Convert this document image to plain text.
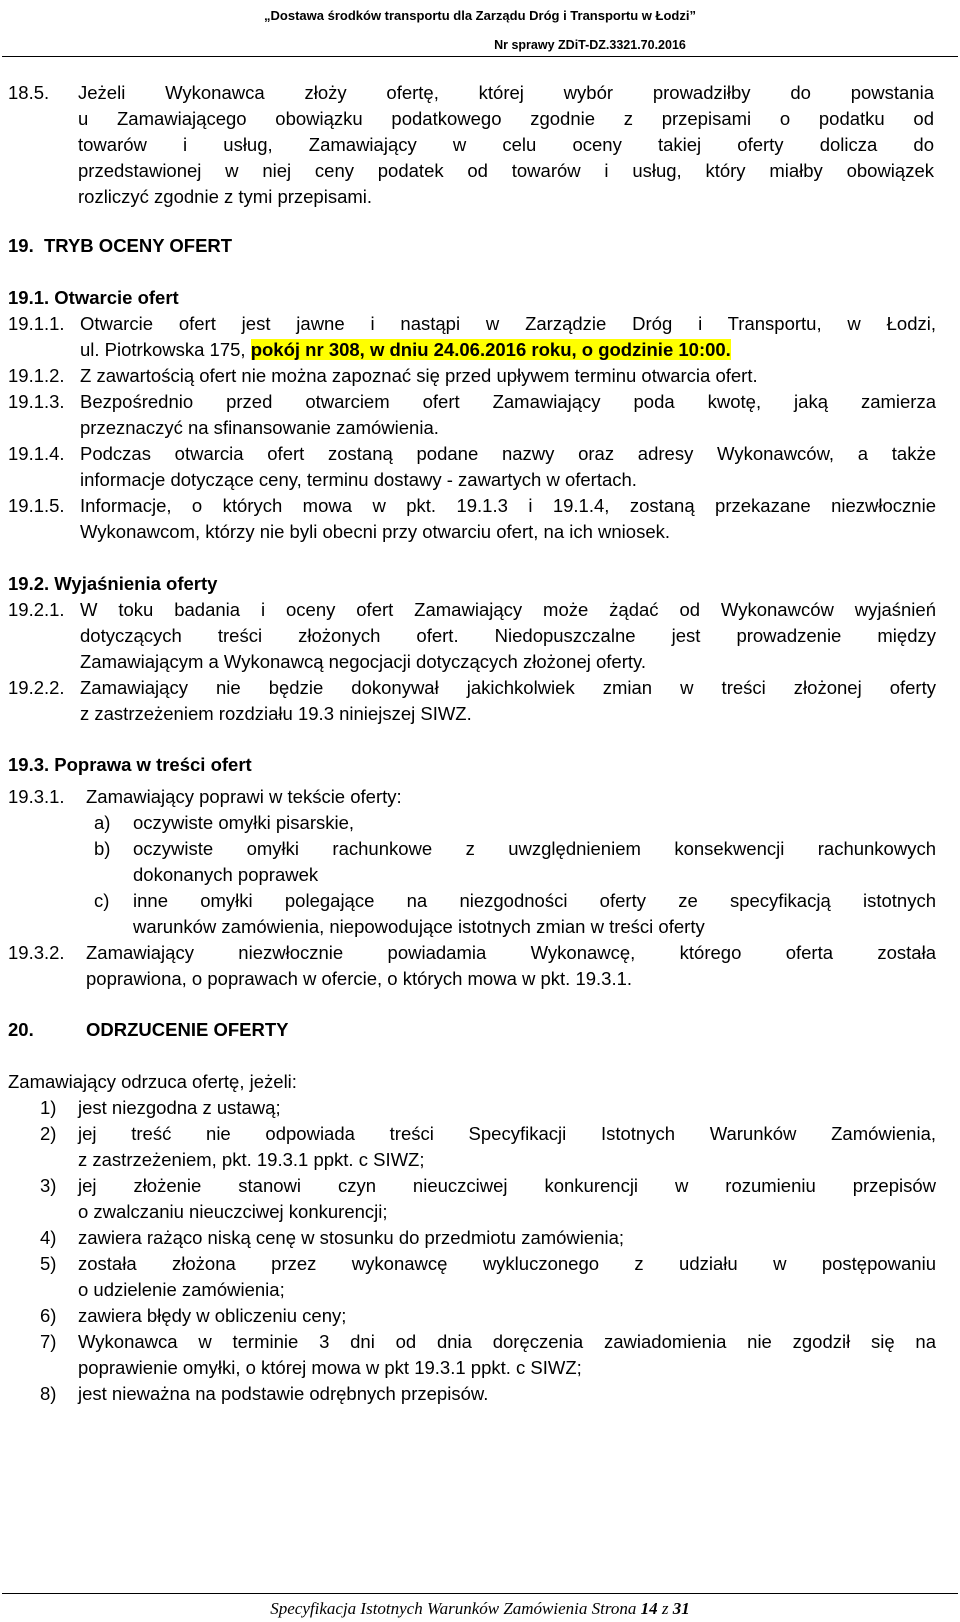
„Dostawa środków transportu dla Zarządu Dróg i Transportu w Łodzi”
Nr sprawy ZDiT-DZ.3321.70.2016
18.5. Jeżeli Wykonawca złoży ofertę, której wybór prowadziłby do powstania
u Zamawiającego obowiązku podatkowego zgodnie z przepisami o podatku od
towarów i usług, Zamawiający w celu oceny takiej oferty dolicza do
przedstawionej w niej ceny podatek od towarów i usług, który miałby obowiązek
rozliczyć zgodnie z tymi przepisami.
19.  TRYB OCENY OFERT
19.1. Otwarcie ofert
19.1.1. Otwarcie ofert jest jawne i nastąpi w Zarządzie Dróg i Transportu, w Łodzi,
ul. Piotrkowska 175, pokój nr 308, w dniu 24.06.2016 roku, o godzinie 10:00.
19.1.2. Z zawartością ofert nie można zapoznać się przed upływem terminu otwarcia ofert.
19.1.3. Bezpośrednio przed otwarciem ofert Zamawiający poda kwotę, jaką zamierza
przeznaczyć na sfinansowanie zamówienia.
19.1.4. Podczas otwarcia ofert zostaną podane nazwy oraz adresy Wykonawców, a także
informacje dotyczące ceny, terminu dostawy - zawartych w ofertach.
19.1.5. Informacje, o których mowa w pkt. 19.1.3 i 19.1.4, zostaną przekazane niezwłocznie
Wykonawcom, którzy nie byli obecni przy otwarciu ofert, na ich wniosek.
19.2. Wyjaśnienia oferty
19.2.1. W toku badania i oceny ofert Zamawiający może żądać od Wykonawców wyjaśnień
dotyczących treści złożonych ofert. Niedopuszczalne jest prowadzenie między
Zamawiającym a Wykonawcą negocjacji dotyczących złożonej oferty.
19.2.2. Zamawiający nie będzie dokonywał jakichkolwiek zmian w treści złożonej oferty
z zastrzeżeniem rozdziału 19.3 niniejszej SIWZ.
19.3. Poprawa w treści ofert
19.3.1. Zamawiający poprawi w tekście oferty:
a) oczywiste omyłki pisarskie,
b) oczywiste omyłki rachunkowe z uwzględnieniem konsekwencji rachunkowych
dokonanych poprawek
c) inne omyłki polegające na niezgodności oferty ze specyfikacją istotnych
warunków zamówienia, niepowodujące istotnych zmian w treści oferty
19.3.2. Zamawiający niezwłocznie powiadamia Wykonawcę, którego oferta została
poprawiona, o poprawach w ofercie, o których mowa w pkt. 19.3.1.
20.	ODRZUCENIE OFERTY
Zamawiający odrzuca ofertę, jeżeli:
1) jest niezgodna z ustawą;
2) jej treść nie odpowiada treści Specyfikacji Istotnych Warunków Zamówienia,
z zastrzeżeniem, pkt. 19.3.1 ppkt. c SIWZ;
3) jej złożenie stanowi czyn nieuczciwej konkurencji w rozumieniu przepisów
o zwalczaniu nieuczciwej konkurencji;
4) zawiera rażąco niską cenę w stosunku do przedmiotu zamówienia;
5) została złożona przez wykonawcę wykluczonego z udziału w postępowaniu
o udzielenie zamówienia;
6) zawiera błędy w obliczeniu ceny;
7) Wykonawca w terminie 3 dni od dnia doręczenia zawiadomienia nie zgodził się na
poprawienie omyłki, o której mowa w pkt 19.3.1 ppkt. c SIWZ;
8) jest nieważna na podstawie odrębnych przepisów.
Specyfikacja Istotnych Warunków Zamówienia Strona 14 z 31
